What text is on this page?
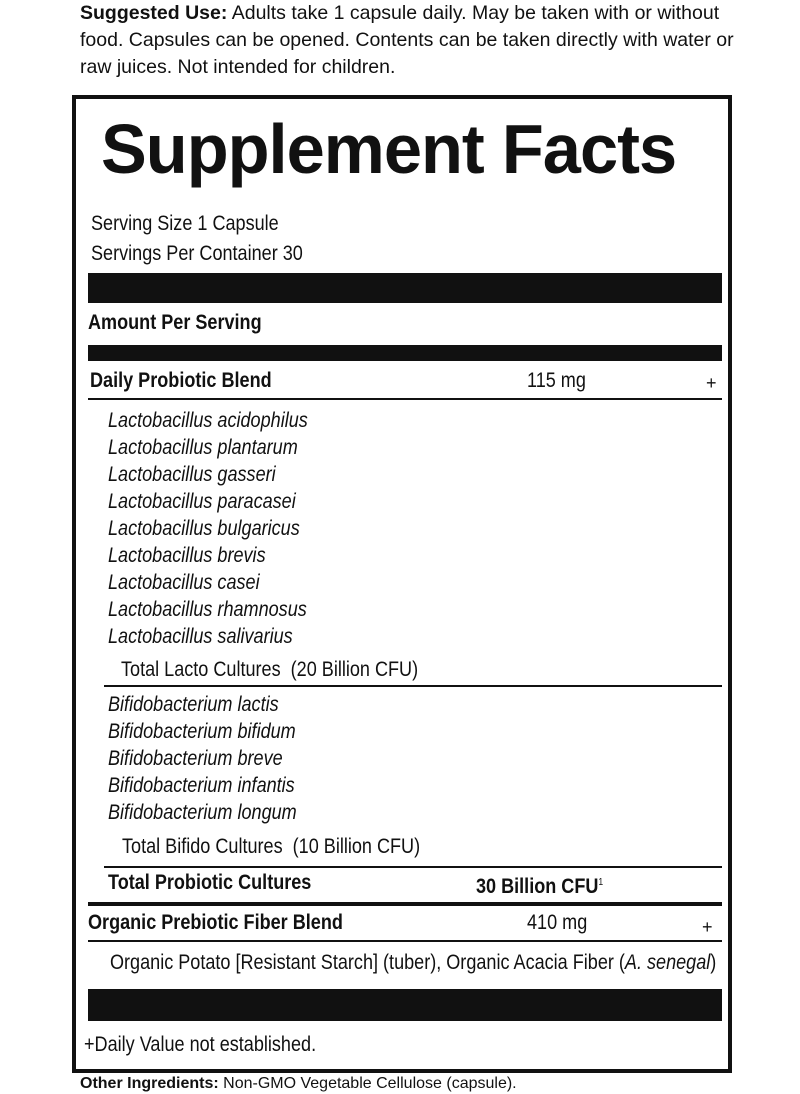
Suggested Use: Adults take 1 capsule daily. May be taken with or without food. Capsules can be opened. Contents can be taken directly with water or raw juices. Not intended for children.
Supplement Facts
Serving Size 1 Capsule
Servings Per Container 30
Amount Per Serving
Daily Probiotic Blend	115 mg	+
Lactobacillus acidophilus
Lactobacillus plantarum
Lactobacillus gasseri
Lactobacillus paracasei
Lactobacillus bulgaricus
Lactobacillus brevis
Lactobacillus casei
Lactobacillus rhamnosus
Lactobacillus salivarius
Total Lacto Cultures (20 Billion CFU)
Bifidobacterium lactis
Bifidobacterium bifidum
Bifidobacterium breve
Bifidobacterium infantis
Bifidobacterium longum
Total Bifido Cultures (10 Billion CFU)
Total Probiotic Cultures	30 Billion CFU$^1$
Organic Prebiotic Fiber Blend	410 mg	+
Organic Potato [Resistant Starch] (tuber), Organic Acacia Fiber (A. senegal)
+Daily Value not established.
Other Ingredients: Non-GMO Vegetable Cellulose (capsule).
